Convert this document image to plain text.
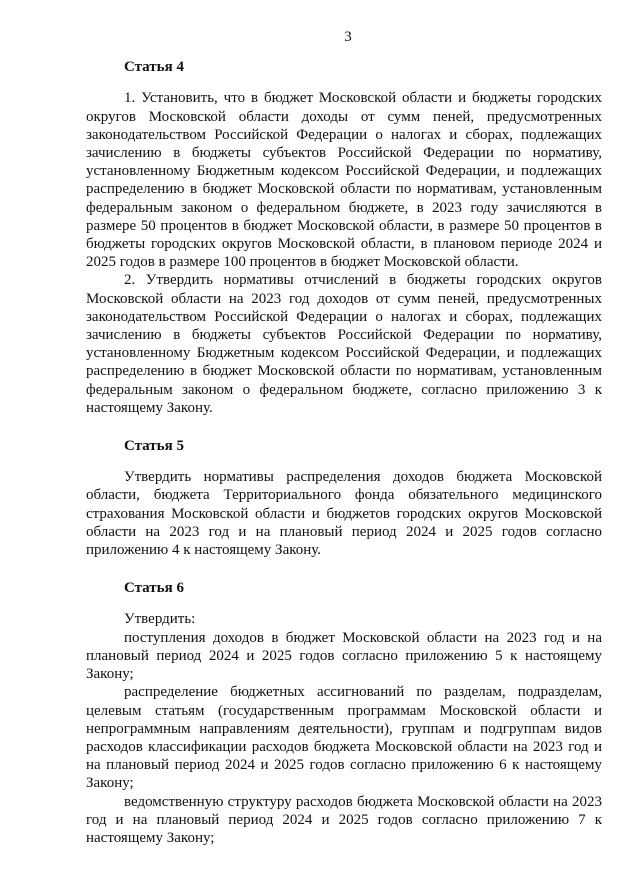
3
Статья 4

1. Установить, что в бюджет Московской области и бюджеты городских округов Московской области доходы от сумм пеней, предусмотренных законодательством Российской Федерации о налогах и сборах, подлежащих зачислению в бюджеты субъектов Российской Федерации по нормативу, установленному Бюджетным кодексом Российской Федерации, и подлежащих распределению в бюджет Московской области по нормативам, установленным федеральным законом о федеральном бюджете, в 2023 году зачисляются в размере 50 процентов в бюджет Московской области, в размере 50 процентов в бюджеты городских округов Московской области, в плановом периоде 2024 и 2025 годов в размере 100 процентов в бюджет Московской области.

2. Утвердить нормативы отчислений в бюджеты городских округов Московской области на 2023 год доходов от сумм пеней, предусмотренных законодательством Российской Федерации о налогах и сборах, подлежащих зачислению в бюджеты субъектов Российской Федерации по нормативу, установленному Бюджетным кодексом Российской Федерации, и подлежащих распределению в бюджет Московской области по нормативам, установленным федеральным законом о федеральном бюджете, согласно приложению 3 к настоящему Закону.

Статья 5

Утвердить нормативы распределения доходов бюджета Московской области, бюджета Территориального фонда обязательного медицинского страхования Московской области и бюджетов городских округов Московской области на 2023 год и на плановый период 2024 и 2025 годов согласно приложению 4 к настоящему Закону.

Статья 6

Утвердить:

поступления доходов в бюджет Московской области на 2023 год и на плановый период 2024 и 2025 годов согласно приложению 5 к настоящему Закону;

распределение бюджетных ассигнований по разделам, подразделам, целевым статьям (государственным программам Московской области и непрограммным направлениям деятельности), группам и подгруппам видов расходов классификации расходов бюджета Московской области на 2023 год и на плановый период 2024 и 2025 годов согласно приложению 6 к настоящему Закону;

ведомственную структуру расходов бюджета Московской области на 2023 год и на плановый период 2024 и 2025 годов согласно приложению 7 к настоящему Закону;
